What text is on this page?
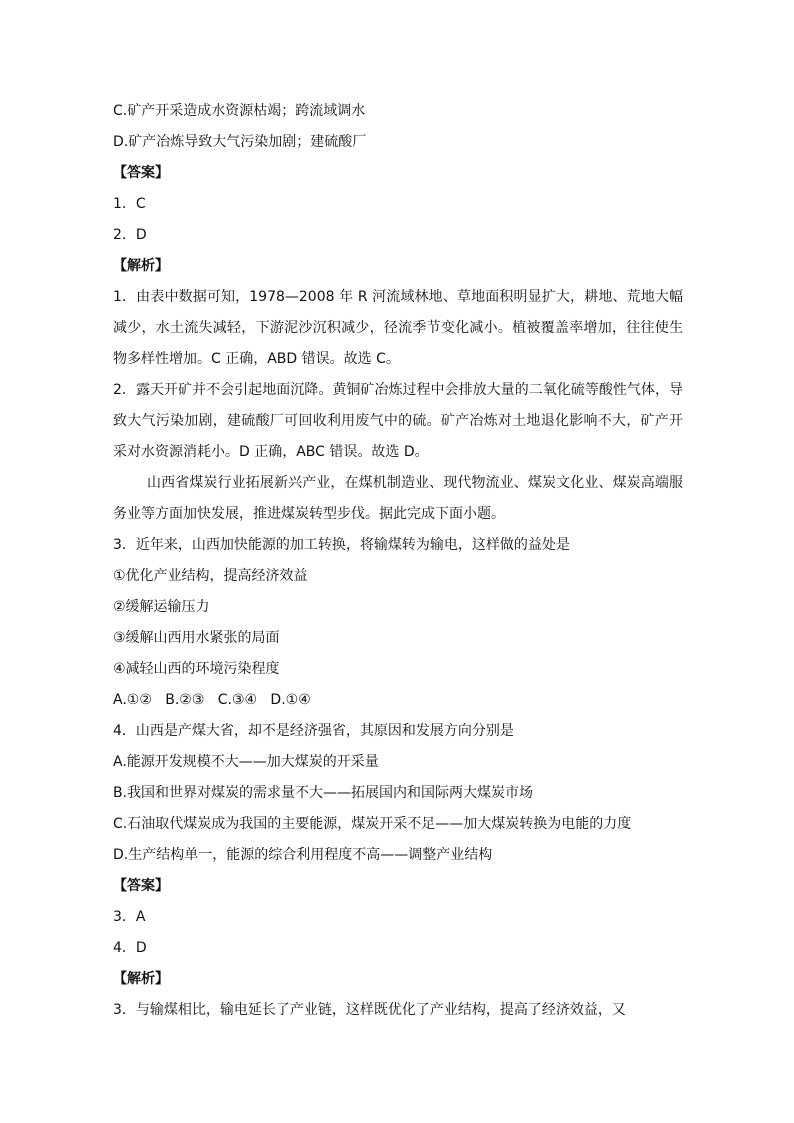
C.矿产开采造成水资源枯竭；跨流域调水
D.矿产冶炼导致大气污染加剧；建硫酸厂
【答案】
1．C
2．D
【解析】
1．由表中数据可知，1978—2008 年 R 河流域林地、草地面积明显扩大，耕地、荒地大幅减少，水土流失减轻，下游泥沙沉积减少，径流季节变化减小。植被覆盖率增加，往往使生物多样性增加。C 正确，ABD 错误。故选 C。
2．露天开矿并不会引起地面沉降。黄铜矿冶炼过程中会排放大量的二氧化硫等酸性气体，导致大气污染加剧，建硫酸厂可回收利用废气中的硫。矿产冶炼对土地退化影响不大，矿产开采对水资源消耗小。D 正确，ABC 错误。故选 D。
山西省煤炭行业拓展新兴产业，在煤机制造业、现代物流业、煤炭文化业、煤炭高端服务业等方面加快发展，推进煤炭转型步伐。据此完成下面小题。
3．近年来，山西加快能源的加工转换，将输煤转为输电，这样做的益处是
①优化产业结构，提高经济效益
②缓解运输压力
③缓解山西用水紧张的局面
④减轻山西的环境污染程度
A.①②   B.②③   C.③④   D.①④
4．山西是产煤大省，却不是经济强省，其原因和发展方向分别是
A.能源开发规模不大——加大煤炭的开采量
B.我国和世界对煤炭的需求量不大——拓展国内和国际两大煤炭市场
C.石油取代煤炭成为我国的主要能源，煤炭开采不足——加大煤炭转换为电能的力度
D.生产结构单一，能源的综合利用程度不高——调整产业结构
【答案】
3．A
4．D
【解析】
3．与输煤相比，输电延长了产业链，这样既优化了产业结构，提高了经济效益，又
